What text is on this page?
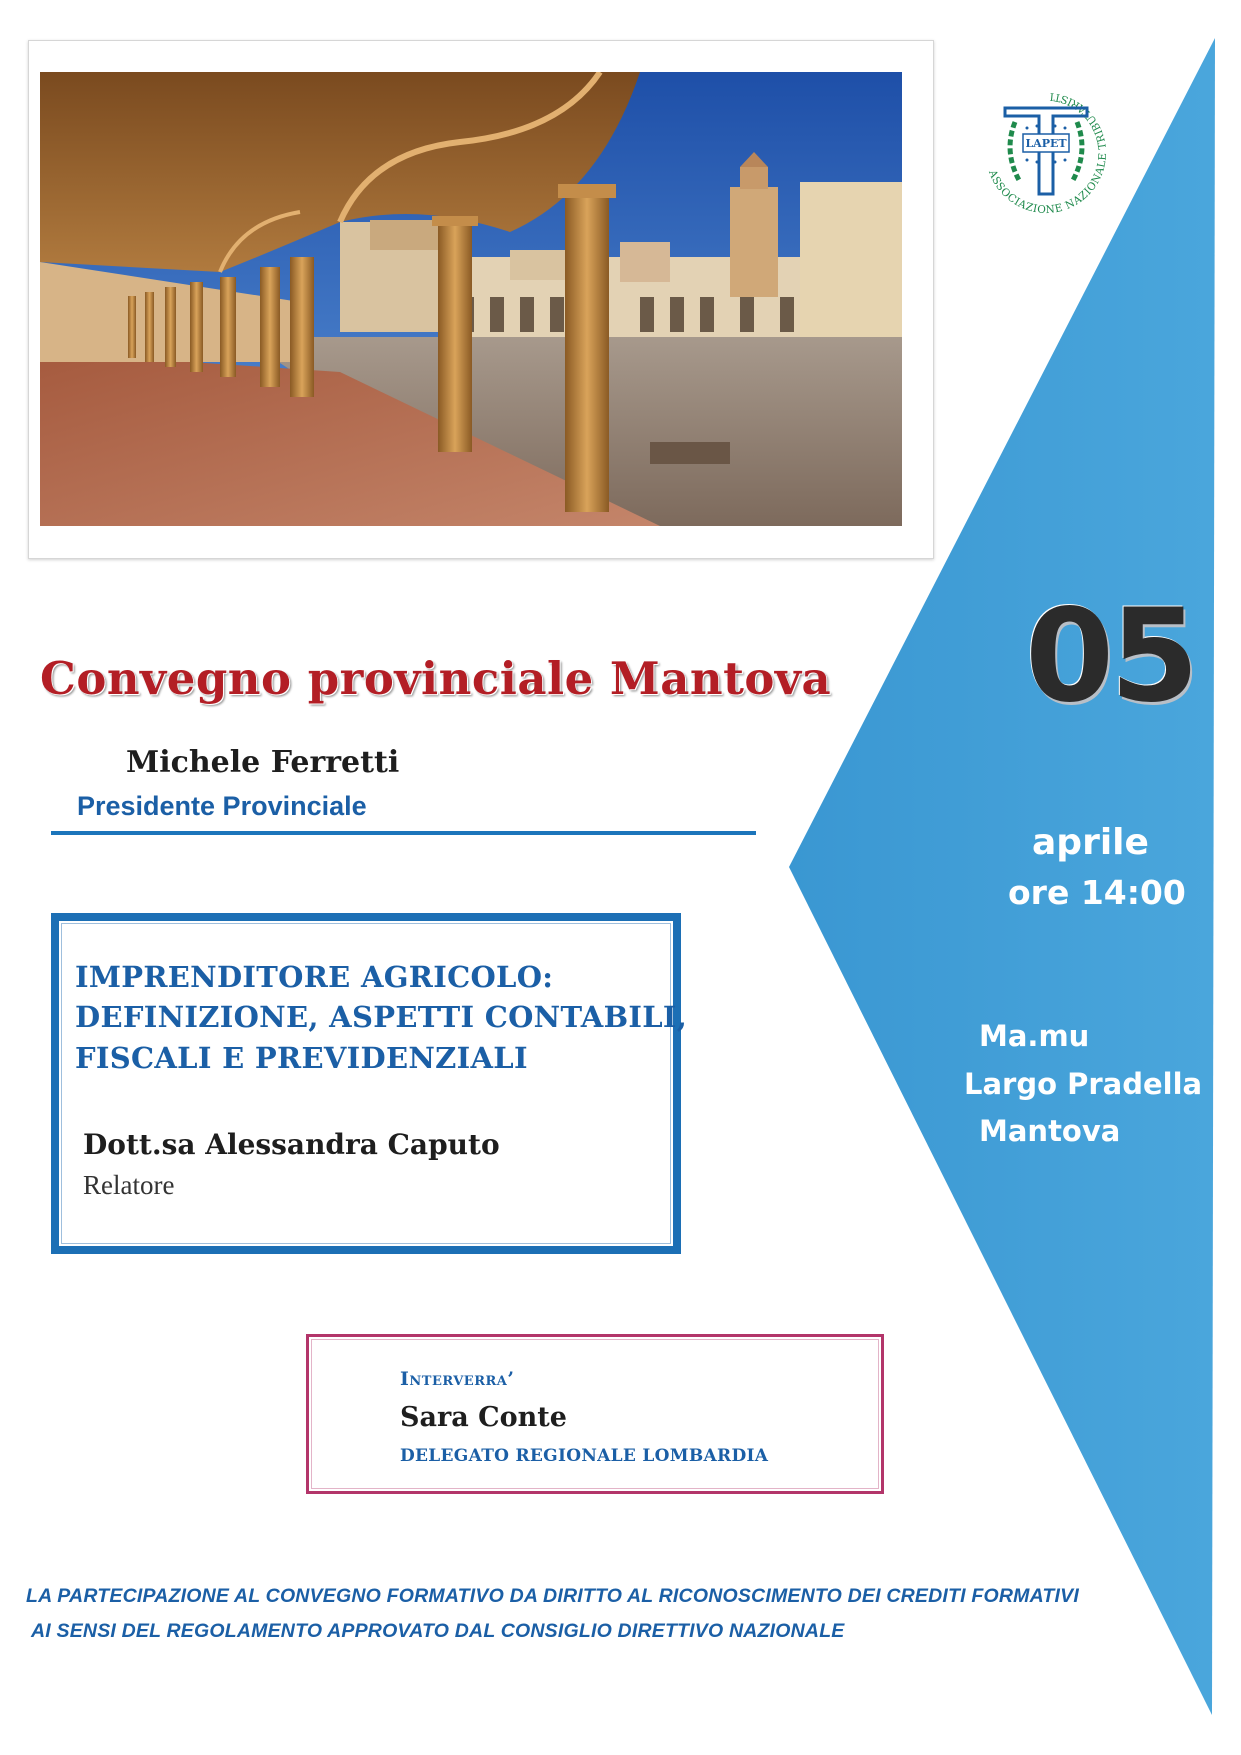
ASSOCIAZIONE NAZIONALE TRIBUTARISTI
LAPET
Convegno provinciale Mantova 05
Michele Ferretti
Presidente Provinciale
aprile
ore 14:00
Ma.mu
Largo Pradella
Mantova
IMPRENDITORE AGRICOLO:
DEFINIZIONE, ASPETTI CONTABILI,
FISCALI E PREVIDENZIALI
Dott.sa Alessandra Caputo
Relatore
Interverra’
Sara Conte
DELEGATO REGIONALE LOMBARDIA
LA PARTECIPAZIONE AL CONVEGNO FORMATIVO DA DIRITTO AL RICONOSCIMENTO DEI CREDITI FORMATIVI
AI SENSI DEL REGOLAMENTO APPROVATO DAL CONSIGLIO DIRETTIVO NAZIONALE
